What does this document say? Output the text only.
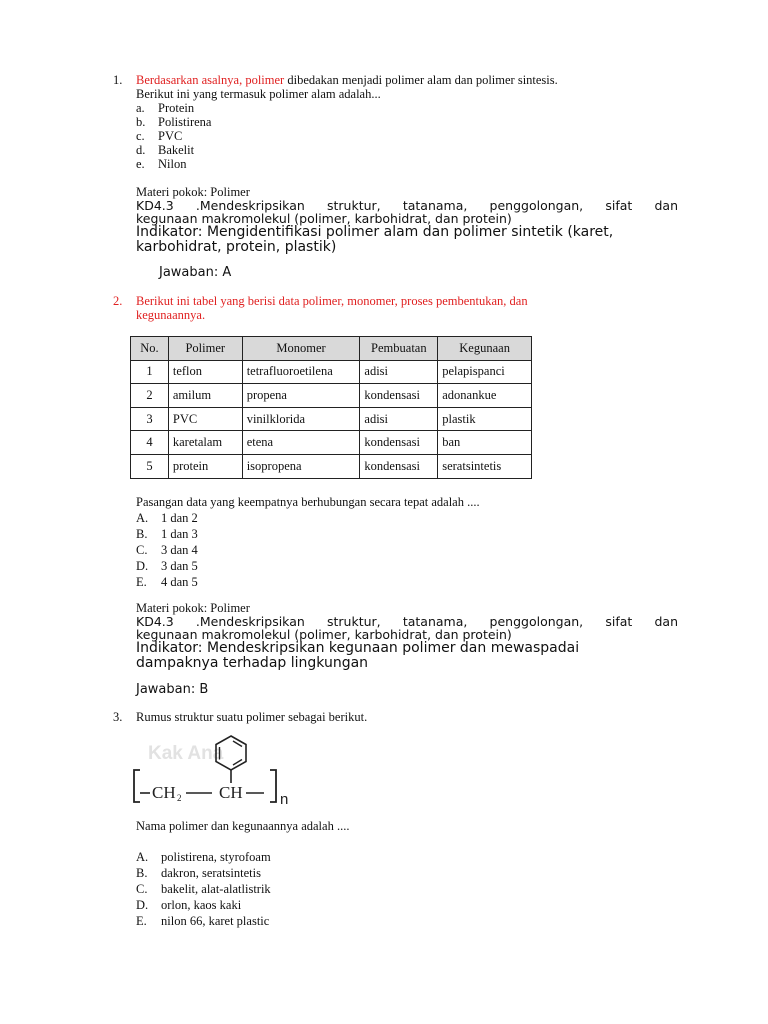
1. Berdasarkan asalnya, polimer dibedakan menjadi polimer alam dan polimer sintesis.
Berikut ini yang termasuk polimer alam adalah...
a. Protein
b. Polistirena
c. PVC
d. Bakelit
e. Nilon
Materi pokok: Polimer
KD4.3 .Mendeskripsikan struktur, tatanama, penggolongan, sifat dan
kegunaan makromolekul (polimer, karbohidrat, dan protein)
Indikator: Mengidentifikasi polimer alam dan polimer sintetik (karet,
karbohidrat, protein, plastik)
Jawaban: A
2. Berikut ini tabel yang berisi data polimer, monomer, proses pembentukan, dan
kegunaannya.
No.	Polimer	Monomer	Pembuatan	Kegunaan
1	teflon	tetrafluoroetilena	adisi	pelapispanci
2	amilum	propena	kondensasi	adonankue
3	PVC	vinilklorida	adisi	plastik
4	karetalam	etena	kondensasi	ban
5	protein	isopropena	kondensasi	seratsintetis
Pasangan data yang keempatnya berhubungan secara tepat adalah ....
A. 1 dan 2
B. 1 dan 3
C. 3 dan 4
D. 3 dan 5
E. 4 dan 5
Materi pokok: Polimer
KD4.3 .Mendeskripsikan struktur, tatanama, penggolongan, sifat dan
kegunaan makromolekul (polimer, karbohidrat, dan protein)
Indikator: Mendeskripsikan kegunaan polimer dan mewaspadai
dampaknya terhadap lingkungan
Jawaban: B
3. Rumus struktur suatu polimer sebagai berikut.
Kak Ana
CH 2 CH n
Nama polimer dan kegunaannya adalah ....
A. polistirena, styrofoam
B. dakron, seratsintetis
C. bakelit, alat-alatlistrik
D. orlon, kaos kaki
E. nilon 66, karet plastic
